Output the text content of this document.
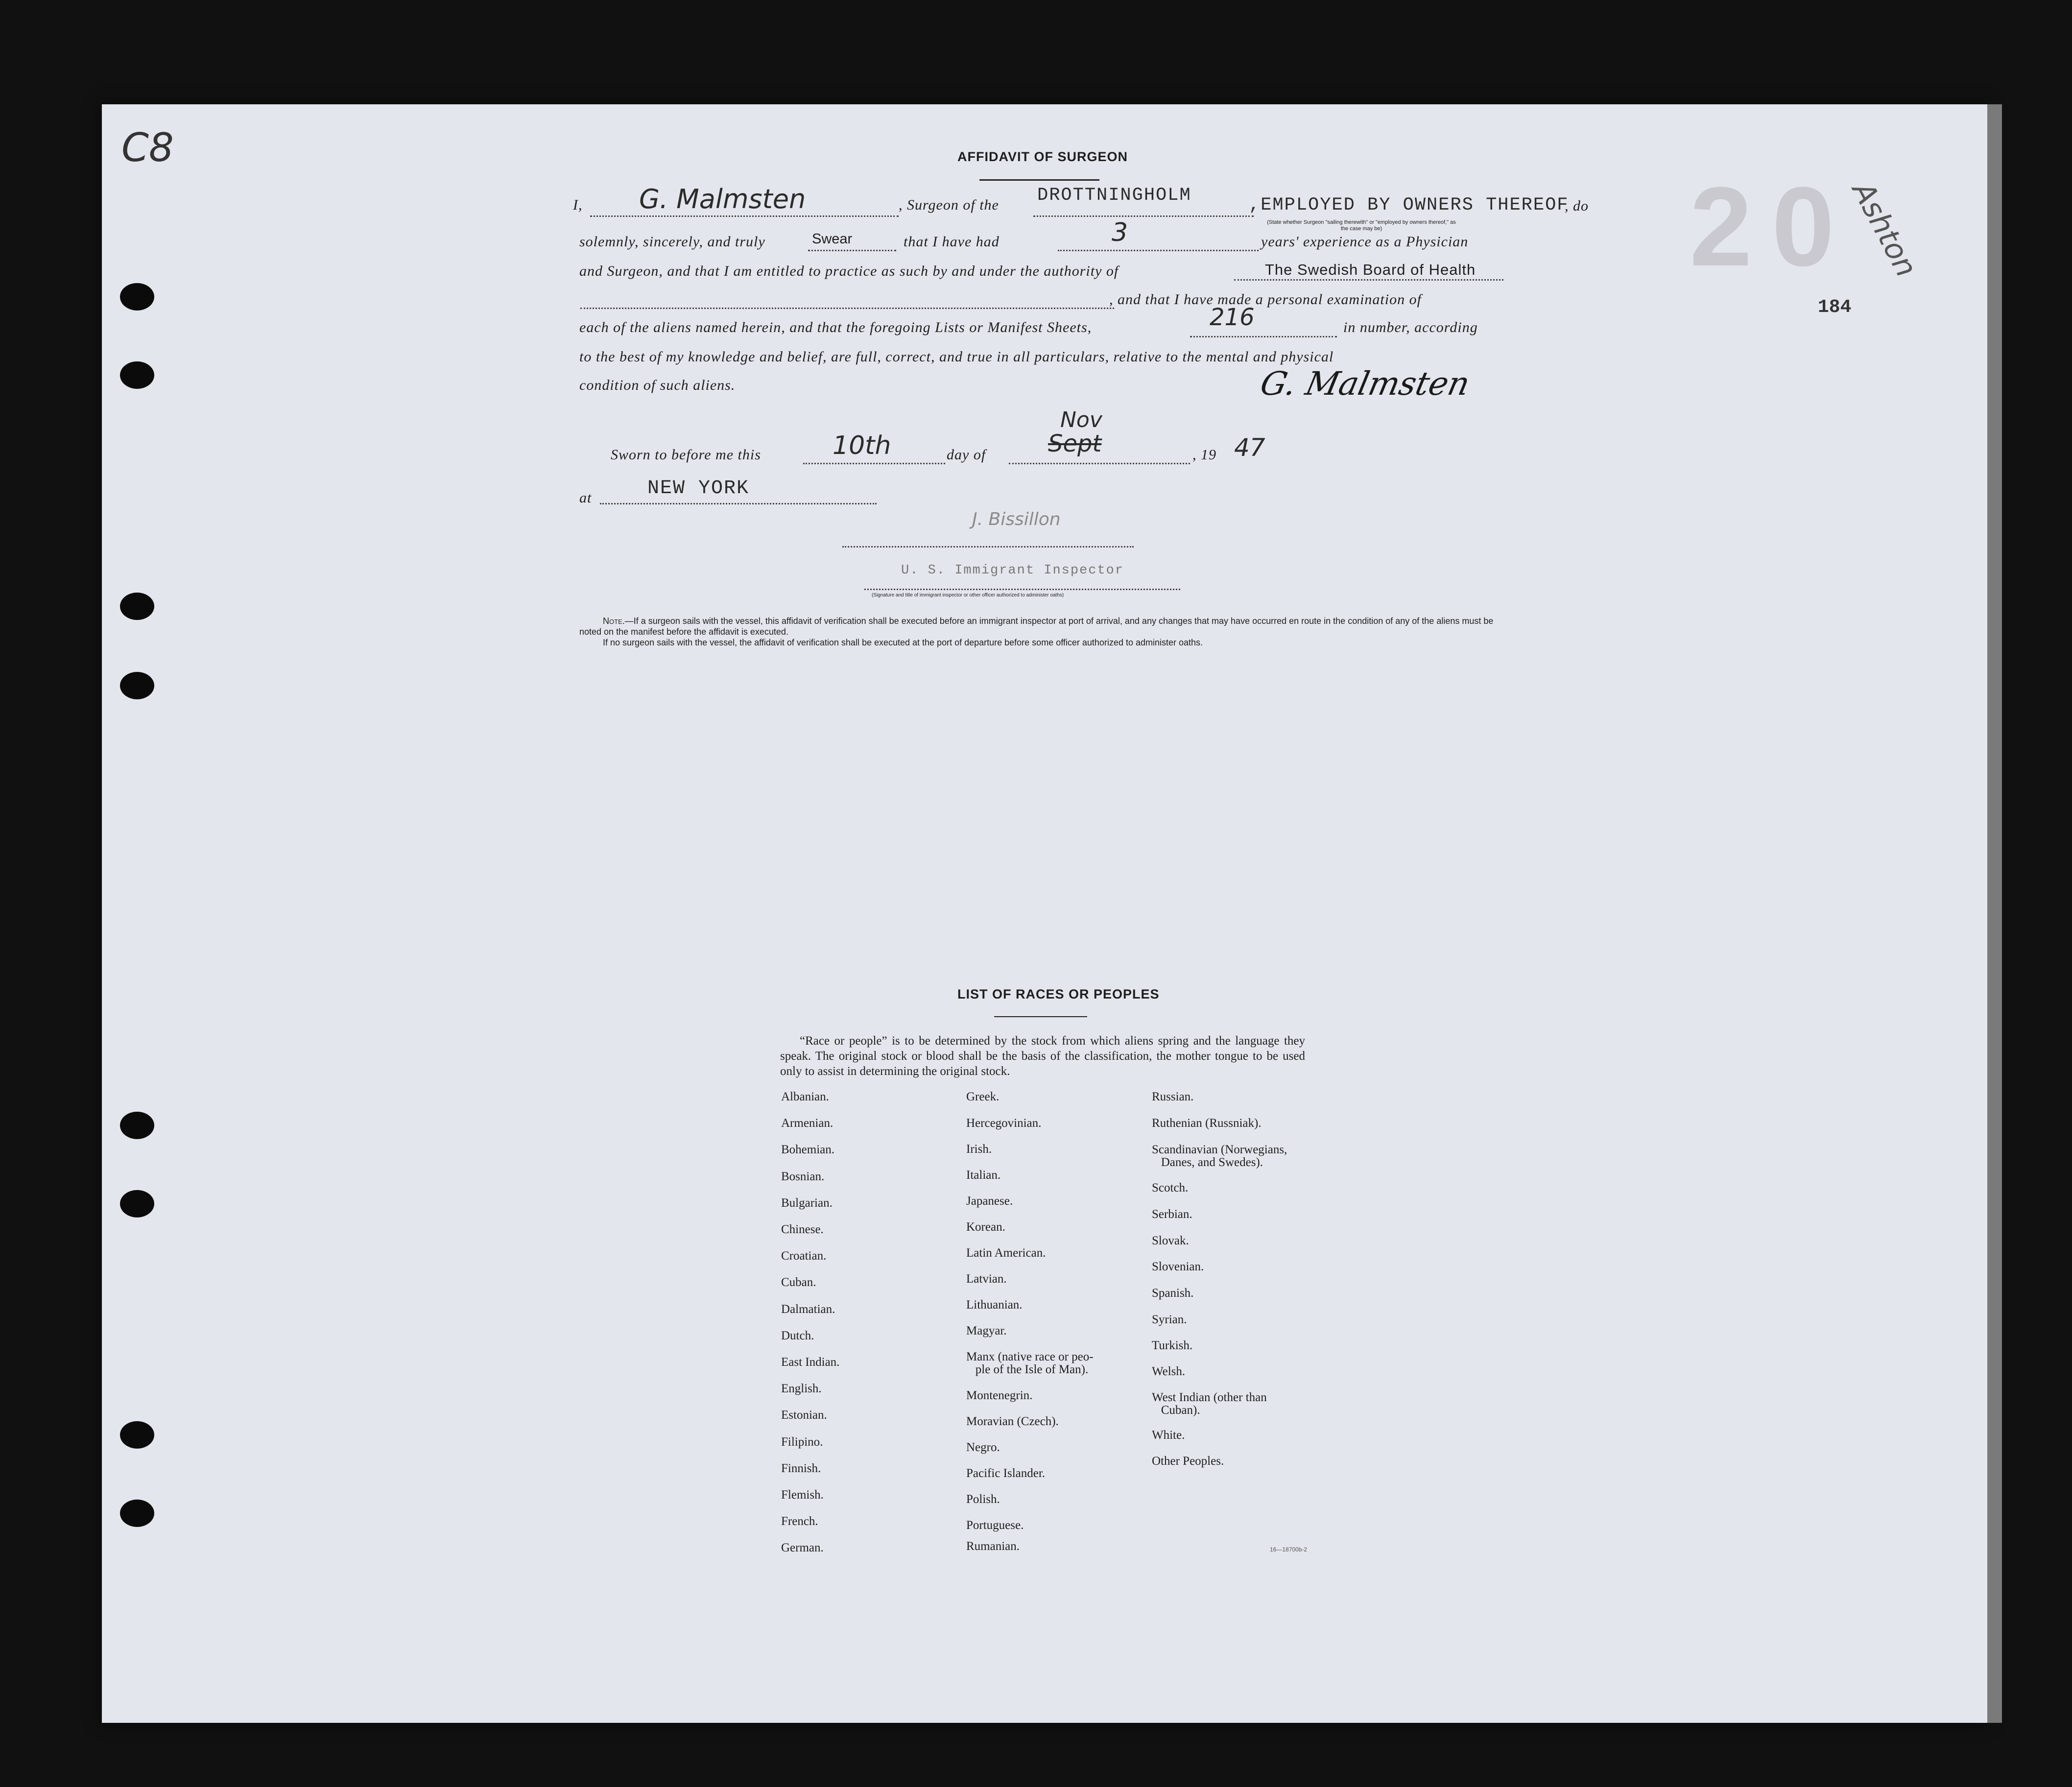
C8
Ashton
20
184
AFFIDAVIT OF SURGEON
I, G. Malmsten	, Surgeon of the DROTTNINGHOLM	,EMPLOYED BY OWNERS THEREOF
, do
(State whether Surgeon "sailing therewith" or "employed by owners thereof," as the case may be)
solemnly, sincerely, and truly	Swear	that I have had	3	years' experience as a Physician
and Surgeon, and that I am entitled to practice as such by and under the authority of	The Swedish Board of Health
, and that I have made a personal examination of
each of the aliens named herein, and that the foregoing Lists or Manifest Sheets,	216	in number, according
to the best of my knowledge and belief, are full, correct, and true in all particulars, relative to the mental and physical
condition of such aliens.	G. Malmsten
Sworn to before me this	10th	day of	Sept
Nov
, 19 47
at	NEW YORK
J. Bissillon
U. S. Immigrant Inspector
(Signature and title of immigrant inspector or other officer authorized to administer oaths)
Note.—If a surgeon sails with the vessel, this affidavit of verification shall be executed before an immigrant inspector at port of arrival, and any changes that may have occurred en route in the condition of any of the aliens must be noted on the manifest before the affidavit is executed.
If no surgeon sails with the vessel, the affidavit of verification shall be executed at the port of departure before some officer authorized to administer oaths.
LIST OF RACES OR PEOPLES
“Race or people” is to be determined by the stock from which aliens spring and the language they speak. The original stock or blood shall be the basis of the classification, the mother tongue to be used only to assist in determining the original stock.
Albanian.
Armenian.
Bohemian.
Bosnian.
Bulgarian.
Chinese.
Croatian.
Cuban.
Dalmatian.
Dutch.
East Indian.
English.
Estonian.
Filipino.
Finnish.
Flemish.
French.
German.
Greek.
Hercegovinian.
Irish.
Italian.
Japanese.
Korean.
Latin American.
Latvian.
Lithuanian.
Magyar.
Manx (native race or peo-
ple of the Isle of Man).
Montenegrin.
Moravian (Czech).
Negro.
Pacific Islander.
Polish.
Portuguese.
Rumanian.
Russian.
Ruthenian (Russniak).
Scandinavian (Norwegians,
Danes, and Swedes).
Scotch.
Serbian.
Slovak.
Slovenian.
Spanish.
Syrian.
Turkish.
Welsh.
West Indian (other than
Cuban).
White.
Other Peoples.
16—18700b-2
